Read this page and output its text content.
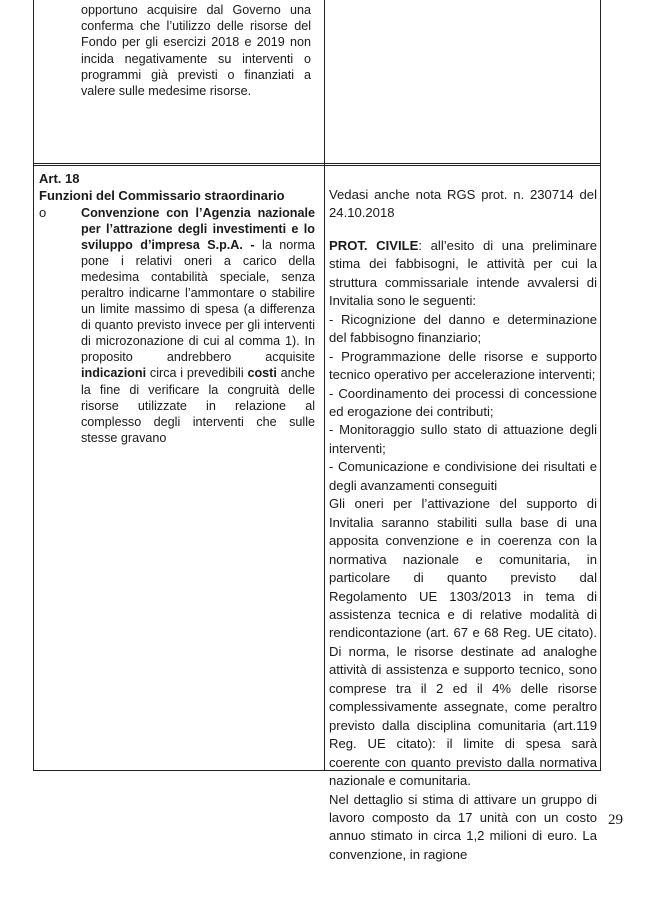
opportuno acquisire dal Governo una conferma che l’utilizzo delle risorse del Fondo per gli esercizi 2018 e 2019 non incida negativamente su interventi o programmi già previsti o finanziati a valere sulle medesime risorse.
Art. 18
Funzioni del Commissario straordinario
o	Convenzione con l’Agenzia nazionale per l’attrazione degli investimenti e lo sviluppo d’impresa S.p.A. - la norma pone i relativi oneri a carico della medesima contabilità speciale, senza peraltro indicarne l’ammontare o stabilire un limite massimo di spesa (a differenza di quanto previsto invece per gli interventi di microzonazione di cui al comma 1). In proposito andrebbero acquisite indicazioni circa i prevedibili costi anche la fine di verificare la congruità delle risorse utilizzate in relazione al complesso degli interventi che sulle stesse gravano

Vedasi anche nota RGS prot. n. 230714 del 24.10.2018

PROT. CIVILE: all’esito di una preliminare stima dei fabbisogni, le attività per cui la struttura commissariale intende avvalersi di Invitalia sono le seguenti:

- Ricognizione del danno e determinazione del fabbisogno finanziario;

- Programmazione delle risorse e supporto tecnico operativo per accelerazione interventi;

- Coordinamento dei processi di concessione ed erogazione dei contributi;

- Monitoraggio sullo stato di attuazione degli interventi;

- Comunicazione e condivisione dei risultati e degli avanzamenti conseguiti

Gli oneri per l’attivazione del supporto di Invitalia saranno stabiliti sulla base di una apposita convenzione e in coerenza con la normativa nazionale e comunitaria, in particolare di quanto previsto dal Regolamento UE 1303/2013 in tema di assistenza tecnica e di relative modalità di rendicontazione (art. 67 e 68 Reg. UE citato). Di norma, le risorse destinate ad analoghe attività di assistenza e supporto tecnico, sono comprese tra il 2 ed il 4% delle risorse complessivamente assegnate, come peraltro previsto dalla disciplina comunitaria (art.119 Reg. UE citato): il limite di spesa sarà coerente con quanto previsto dalla normativa nazionale e comunitaria.

Nel dettaglio si stima di attivare un gruppo di lavoro composto da 17 unità con un costo annuo stimato in circa 1,2 milioni di euro. La convenzione, in ragione

29
